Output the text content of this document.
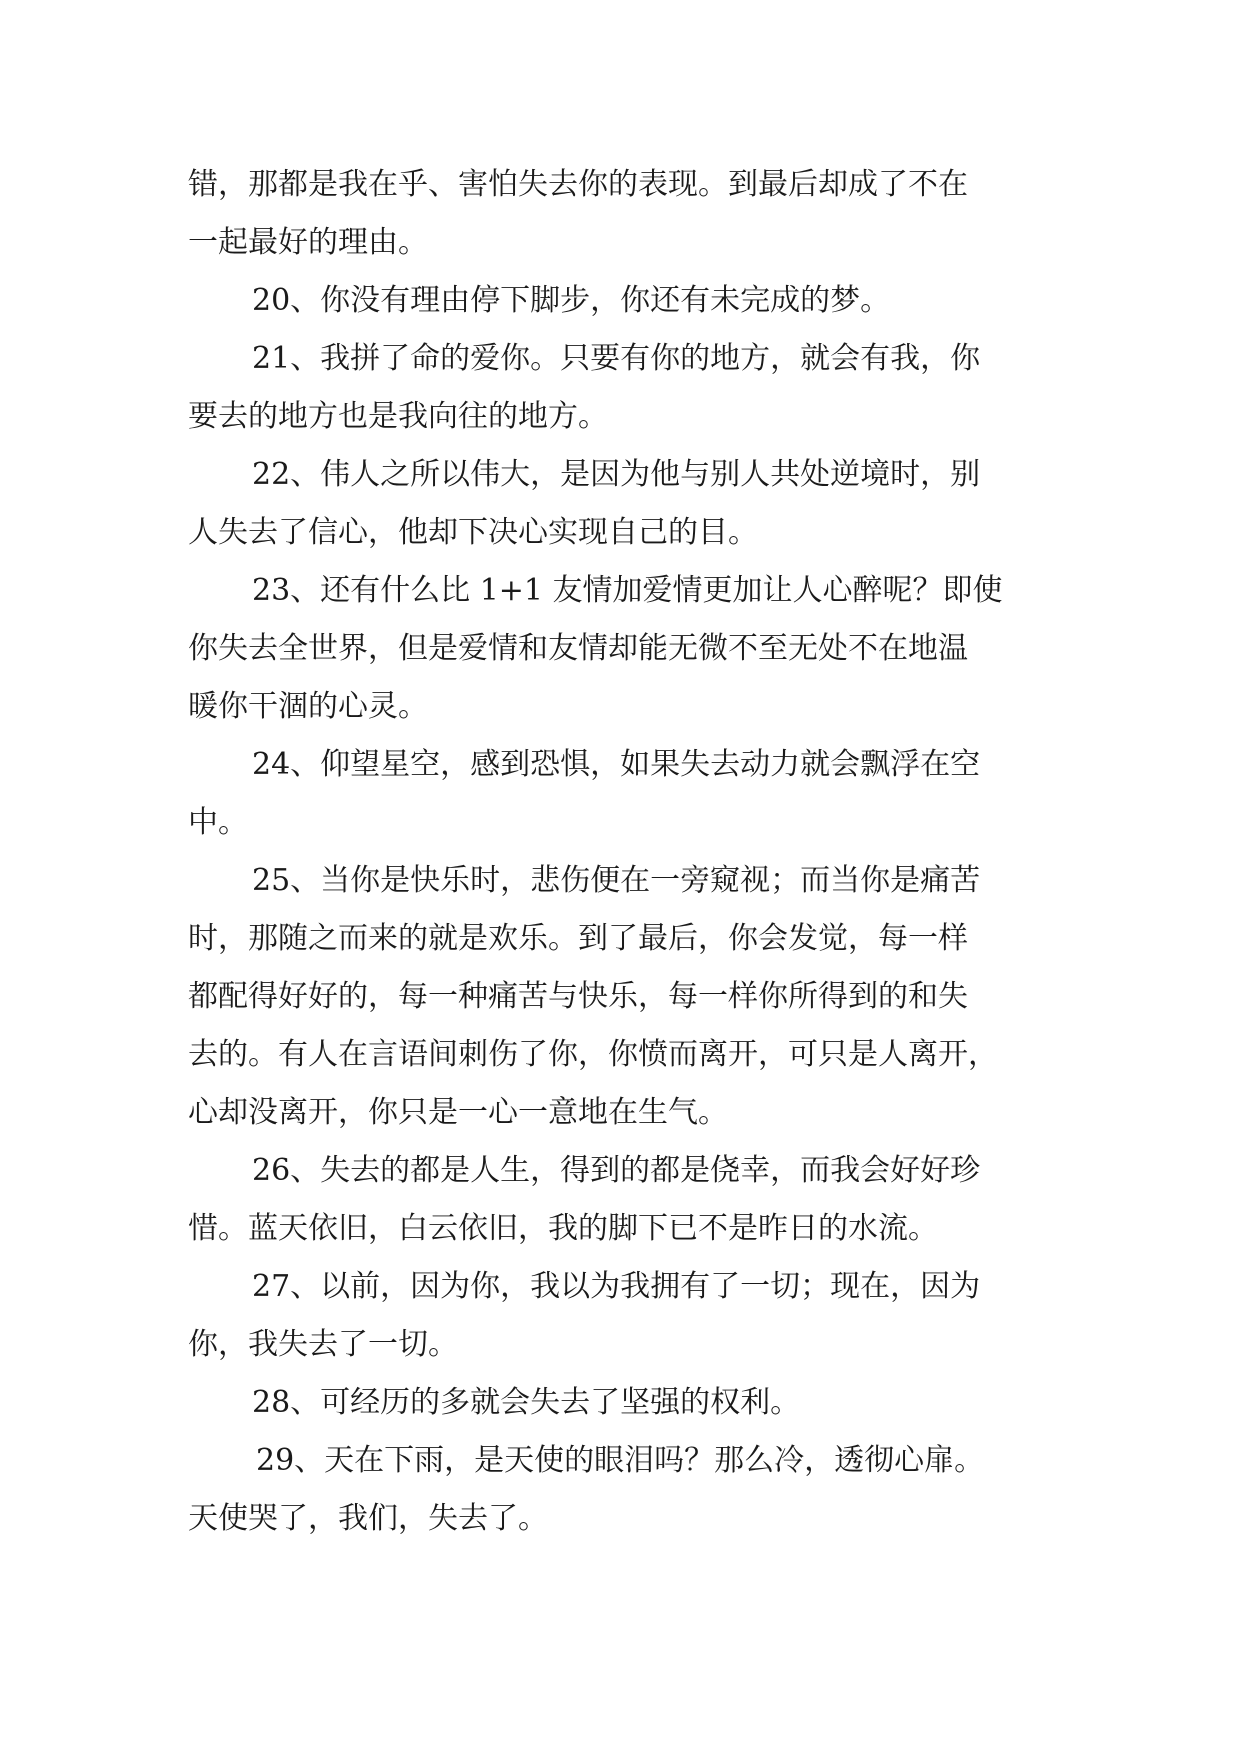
错，那都是我在乎、害怕失去你的表现。到最后却成了不在
一起最好的理由。
20、你没有理由停下脚步，你还有未完成的梦。
21、我拼了命的爱你。只要有你的地方，就会有我，你
要去的地方也是我向往的地方。
22、伟人之所以伟大，是因为他与别人共处逆境时，别
人失去了信心，他却下决心实现自己的目。
23、还有什么比 1+1 友情加爱情更加让人心醉呢？即使
你失去全世界，但是爱情和友情却能无微不至无处不在地温
暖你干涸的心灵。
24、仰望星空，感到恐惧，如果失去动力就会飘浮在空
中。
25、当你是快乐时，悲伤便在一旁窥视；而当你是痛苦
时，那随之而来的就是欢乐。到了最后，你会发觉，每一样
都配得好好的，每一种痛苦与快乐，每一样你所得到的和失
去的。有人在言语间刺伤了你，你愤而离开，可只是人离开，
心却没离开，你只是一心一意地在生气。
26、失去的都是人生，得到的都是侥幸，而我会好好珍
惜。蓝天依旧，白云依旧，我的脚下已不是昨日的水流。
27、以前，因为你，我以为我拥有了一切；现在，因为
你，我失去了一切。
28、可经历的多就会失去了坚强的权利。
29、天在下雨，是天使的眼泪吗？那么冷，透彻心扉。
天使哭了，我们，失去了。
